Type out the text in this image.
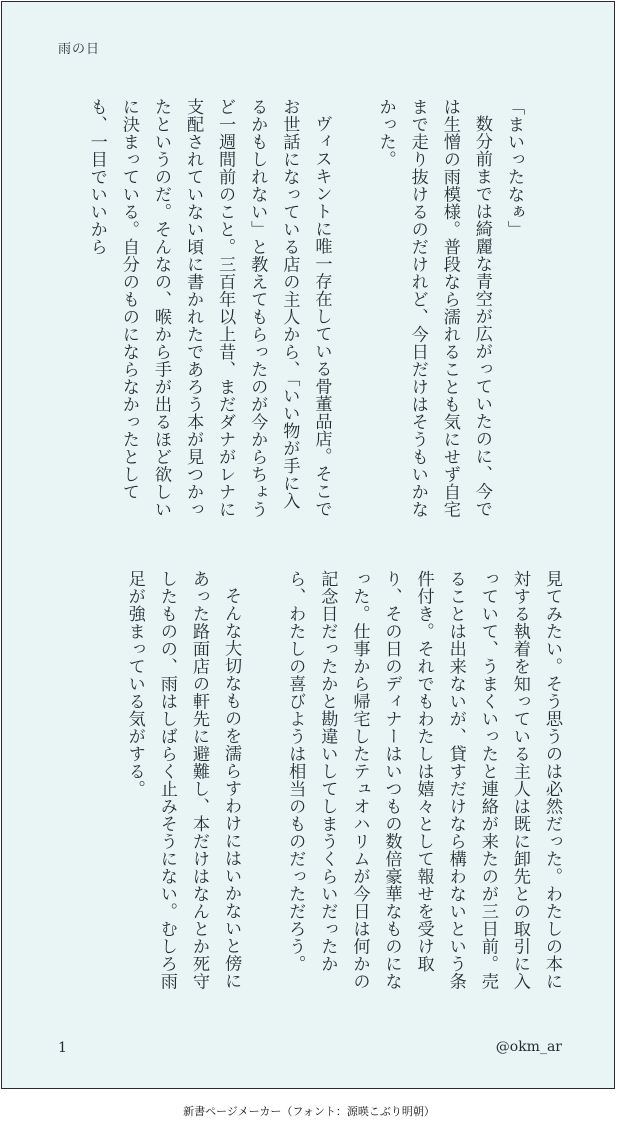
雨の日

「まいったなぁ」

数分前までは綺麗な青空が広がっていたのに、今では生憎の雨模様。普段なら濡れることも気にせず自宅まで走り抜けるのだけれど、今日だけはそうもいかなかった。

ヴィスキントに唯一存在している骨董品店。そこでお世話になっている店の主人から、「いい物が手に入るかもしれない」と教えてもらったのが今からちょうど一週間前のこと。三百年以上昔、まだダナがレナに支配されていない頃に書かれたであろう本が見つかったというのだ。そんなの、喉から手が出るほど欲しいに決まっている。自分のものにならなかったとしても、一目でいいから

見てみたい。そう思うのは必然だった。わたしの本に対する執着を知っている主人は既に卸先との取引に入っていて、うまくいったと連絡が来たのが三日前。売ることは出来ないが、貸すだけなら構わないという条件付き。それでもわたしは嬉々として報せを受け取り、その日のディナーはいつもの数倍豪華なものになった。仕事から帰宅したテュオハリムが今日は何かの記念日だったかと勘違いしてしまうくらいだったから、わたしの喜びようは相当のものだっただろう。

そんな大切なものを濡らすわけにはいかないと傍にあった路面店の軒先に避難し、本だけはなんとか死守したものの、雨はしばらく止みそうにない。むしろ雨足が強まっている気がする。

1	@okm_ar
新書ページメーカー（フォント：源暎こぶり明朝）
